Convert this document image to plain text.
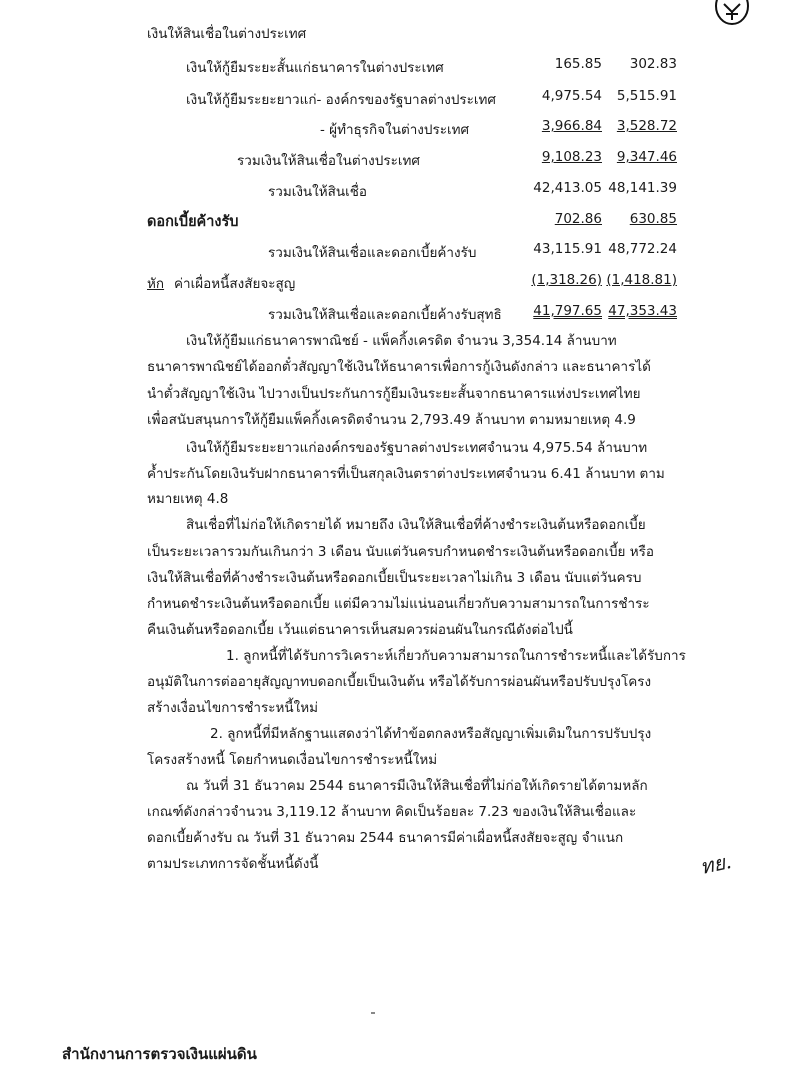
เงินให้สินเชื่อในต่างประเทศ
เงินให้กู้ยืมระยะสั้นแก่ธนาคารในต่างประเทศ	165.85 302.83
เงินให้กู้ยืมระยะยาวแก่- องค์กรของรัฐบาลต่างประเทศ	4,975.54 5,515.91
- ผู้ทำธุรกิจในต่างประเทศ	3,966.84 3,528.72
รวมเงินให้สินเชื่อในต่างประเทศ	9,108.23 9,347.46
รวมเงินให้สินเชื่อ	42,413.05 48,141.39
ดอกเบี้ยค้างรับ	702.86 630.85
รวมเงินให้สินเชื่อและดอกเบี้ยค้างรับ	43,115.91 48,772.24
หัก ค่าเผื่อหนี้สงสัยจะสูญ	(1,318.26) (1,418.81)
รวมเงินให้สินเชื่อและดอกเบี้ยค้างรับสุทธิ 41,797.65 47,353.43
เงินให้กู้ยืมแก่ธนาคารพาณิชย์ - แพ็คกิ้งเครดิต จำนวน 3,354.14 ล้านบาท
ธนาคารพาณิชย์ได้ออกตั๋วสัญญาใช้เงินให้ธนาคารเพื่อการกู้เงินดังกล่าว และธนาคารได้
นำตั๋วสัญญาใช้เงิน ไปวางเป็นประกันการกู้ยืมเงินระยะสั้นจากธนาคารแห่งประเทศไทย
เพื่อสนับสนุนการให้กู้ยืมแพ็คกิ้งเครดิตจำนวน 2,793.49 ล้านบาท ตามหมายเหตุ 4.9
เงินให้กู้ยืมระยะยาวแก่องค์กรของรัฐบาลต่างประเทศจำนวน 4,975.54 ล้านบาท
ค้ำประกันโดยเงินรับฝากธนาคารที่เป็นสกุลเงินตราต่างประเทศจำนวน 6.41 ล้านบาท ตาม
หมายเหตุ 4.8
สินเชื่อที่ไม่ก่อให้เกิดรายได้ หมายถึง เงินให้สินเชื่อที่ค้างชำระเงินต้นหรือดอกเบี้ย
เป็นระยะเวลารวมกันเกินกว่า 3 เดือน นับแต่วันครบกำหนดชำระเงินต้นหรือดอกเบี้ย หรือ
เงินให้สินเชื่อที่ค้างชำระเงินต้นหรือดอกเบี้ยเป็นระยะเวลาไม่เกิน 3 เดือน นับแต่วันครบ
กำหนดชำระเงินต้นหรือดอกเบี้ย แต่มีความไม่แน่นอนเกี่ยวกับความสามารถในการชำระ
คืนเงินต้นหรือดอกเบี้ย เว้นแต่ธนาคารเห็นสมควรผ่อนผันในกรณีดังต่อไปนี้
1. ลูกหนี้ที่ได้รับการวิเคราะห์เกี่ยวกับความสามารถในการชำระหนี้และได้รับการ
อนุมัติในการต่ออายุสัญญาทบดอกเบี้ยเป็นเงินต้น หรือได้รับการผ่อนผันหรือปรับปรุงโครง
สร้างเงื่อนไขการชำระหนี้ใหม่
2. ลูกหนี้ที่มีหลักฐานแสดงว่าได้ทำข้อตกลงหรือสัญญาเพิ่มเติมในการปรับปรุง
โครงสร้างหนี้ โดยกำหนดเงื่อนไขการชำระหนี้ใหม่
ณ วันที่ 31 ธันวาคม 2544 ธนาคารมีเงินให้สินเชื่อที่ไม่ก่อให้เกิดรายได้ตามหลัก
เกณฑ์ดังกล่าวจำนวน 3,119.12 ล้านบาท คิดเป็นร้อยละ 7.23 ของเงินให้สินเชื่อและ
ดอกเบี้ยค้างรับ ณ วันที่ 31 ธันวาคม 2544 ธนาคารมีค่าเผื่อหนี้สงสัยจะสูญ จำแนก
ตามประเภทการจัดชั้นหนี้ดังนี้	ทย.
สำนักงานการตรวจเงินแผ่นดิน
